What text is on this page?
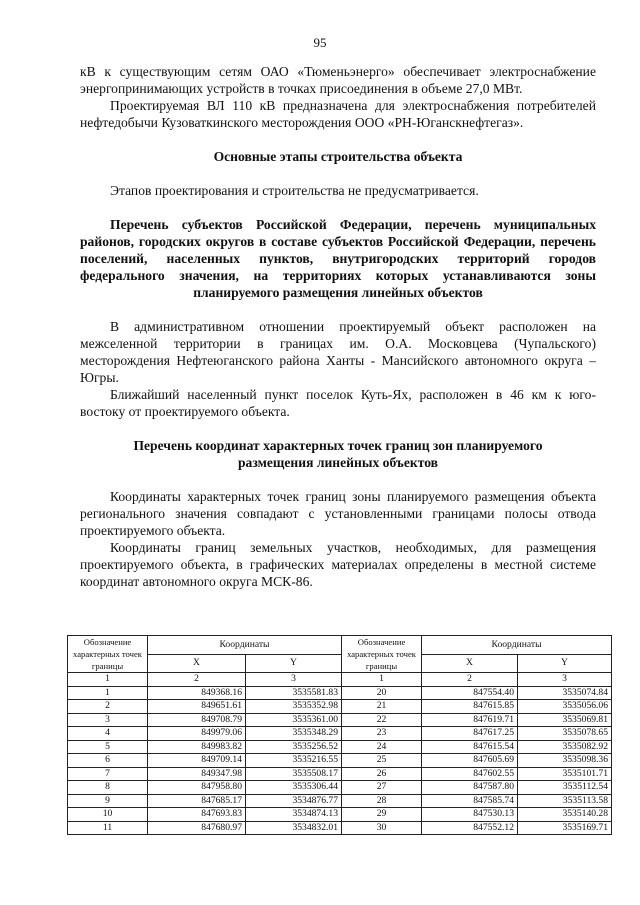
95

кВ к существующим сетям ОАО «Тюменьэнерго» обеспечивает электроснабжение энергопринимающих устройств в точках присоединения в объеме 27,0 МВт.

Проектируемая ВЛ 110 кВ предназначена для электроснабжения потребителей нефтедобычи Кузоваткинского месторождения ООО «РН-Юганскнефтегаз».

Основные этапы строительства объекта

Этапов проектирования и строительства не предусматривается.

Перечень субъектов Российской Федерации, перечень муниципальных районов, городских округов в составе субъектов Российской Федерации, перечень поселений, населенных пунктов, внутригородских территорий городов федерального значения, на территориях которых устанавливаются зоны планируемого размещения линейных объектов

В административном отношении проектируемый объект расположен на межселенной территории в границах им. О.А. Московцева (Чупальского) месторождения Нефтеюганского района Ханты - Мансийского автономного округа – Югры.

Ближайший населенный пункт поселок Куть-Ях, расположен в 46 км к юго-востоку от проектируемого объекта.

Перечень координат характерных точек границ зон планируемого размещения линейных объектов

Координаты характерных точек границ зоны планируемого размещения объекта регионального значения совпадают с установленными границами полосы отвода проектируемого объекта.

Координаты границ земельных участков, необходимых, для размещения проектируемого объекта, в графических материалах определены в местной системе координат автономного округа МСК-86.

Обозначение характерных точек границы	Координаты		Обозначение характерных точек границы	Координаты	
	X	Y		X	Y
1	2	3	1	2	3
1	849368.16	3535581.83	20	847554.40	3535074.84
2	849651.61	3535352.98	21	847615.85	3535056.06
3	849708.79	3535361.00	22	847619.71	3535069.81
4	849979.06	3535348.29	23	847617.25	3535078.65
5	849983.82	3535256.52	24	847615.54	3535082.92
6	849709.14	3535216.55	25	847605.69	3535098.36
7	849347.98	3535508.17	26	847602.55	3535101.71
8	847958.80	3535306.44	27	847587.80	3535112.54
9	847685.17	3534876.77	28	847585.74	3535113.58
10	847693.83	3534874.13	29	847530.13	3535140.28
11	847680.97	3534832.01	30	847552.12	3535169.71
